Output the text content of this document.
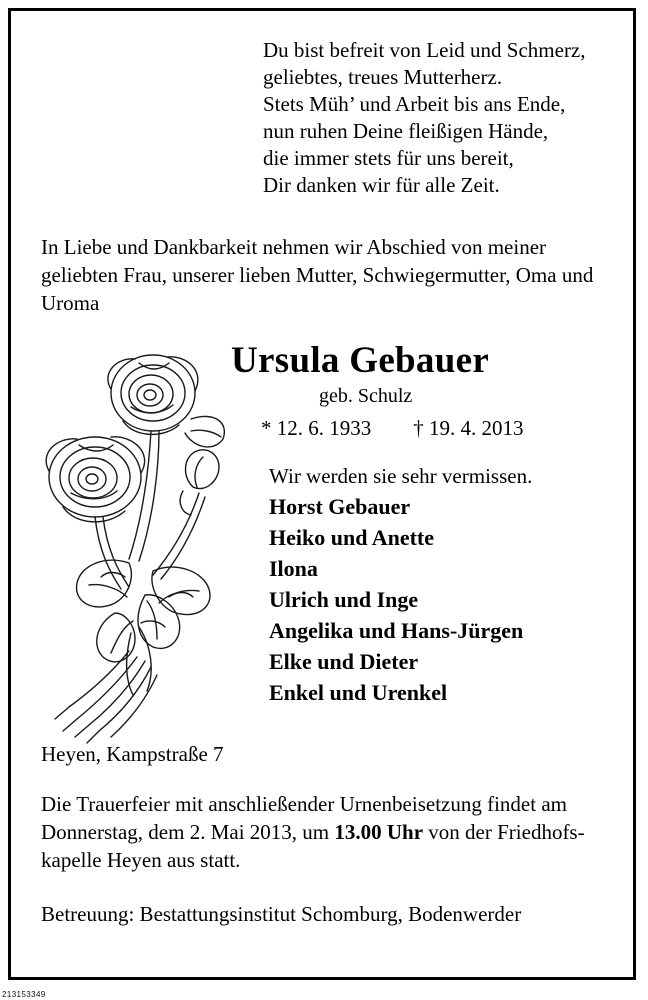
Du bist befreit von Leid und Schmerz,
geliebtes, treues Mutterherz.
Stets Müh’ und Arbeit bis ans Ende,
nun ruhen Deine fleißigen Hände,
die immer stets für uns bereit,
Dir danken wir für alle Zeit.
In Liebe und Dankbarkeit nehmen wir Abschied von meiner geliebten Frau, unserer lieben Mutter, Schwiegermutter, Oma und Uroma
Ursula Gebauer
geb. Schulz
* 12. 6. 1933        † 19. 4. 2013
Wir werden sie sehr vermissen.
Horst Gebauer
Heiko und Anette
Ilona
Ulrich und Inge
Angelika und Hans-Jürgen
Elke und Dieter
Enkel und Urenkel
Heyen, Kampstraße 7
Die Trauerfeier mit anschließender Urnenbeisetzung findet am Donnerstag, dem 2. Mai 2013, um 13.00 Uhr von der Friedhofskapelle Heyen aus statt.
Betreuung: Bestattungsinstitut Schomburg, Bodenwerder
213153349
